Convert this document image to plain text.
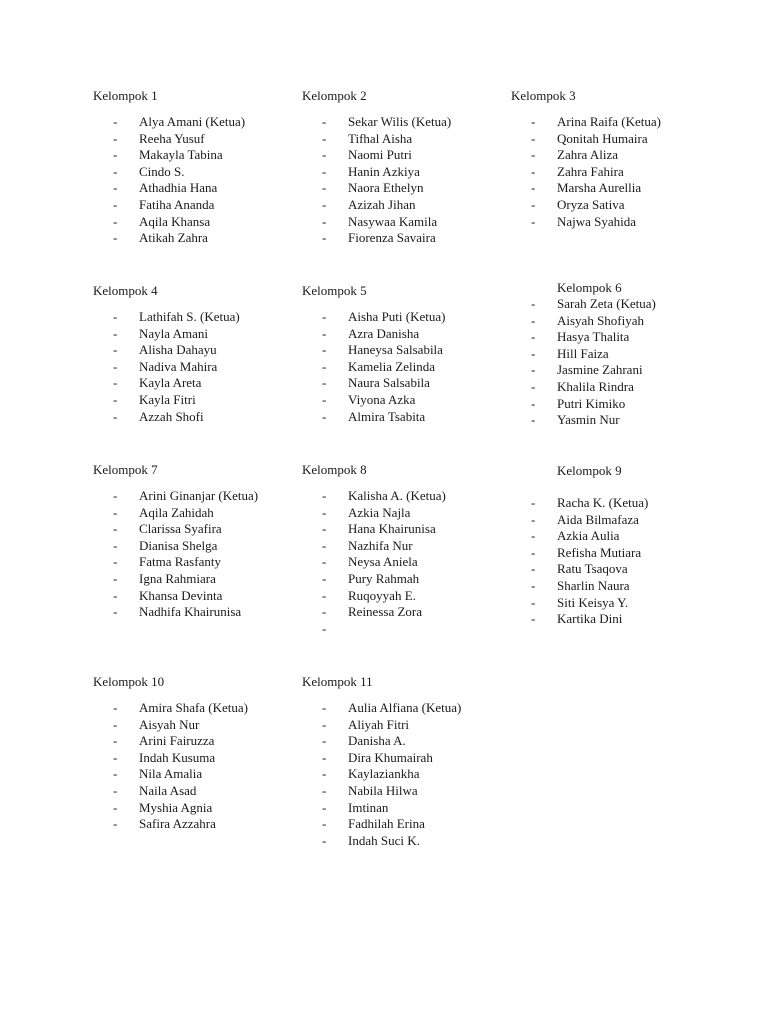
Kelompok 1
-	Alya Amani (Ketua)
-	Reeha Yusuf
-	Makayla Tabina
-	Cindo S.
-	Athadhia Hana
-	Fatiha Ananda
-	Aqila Khansa
-	Atikah Zahra
Kelompok 2
-	Sekar Wilis (Ketua)
-	Tifhal Aisha
-	Naomi Putri
-	Hanin Azkiya
-	Naora Ethelyn
-	Azizah Jihan
-	Nasywaa Kamila
-	Fiorenza Savaira
Kelompok 3
-	Arina Raifa (Ketua)
-	Qonitah Humaira
-	Zahra Aliza
-	Zahra Fahira
-	Marsha Aurellia
-	Oryza Sativa
-	Najwa Syahida
Kelompok 4
-	Lathifah S. (Ketua)
-	Nayla Amani
-	Alisha Dahayu
-	Nadiva Mahira
-	Kayla Areta
-	Kayla Fitri
-	Azzah Shofi
Kelompok 5
-	Aisha Puti (Ketua)
-	Azra Danisha
-	Haneysa Salsabila
-	Kamelia Zelinda
-	Naura Salsabila
-	Viyona Azka
-	Almira Tsabita
Kelompok 6
-	Sarah Zeta (Ketua)
-	Aisyah Shofiyah
-	Hasya Thalita
-	Hill Faiza
-	Jasmine Zahrani
-	Khalila Rindra
-	Putri Kimiko
-	Yasmin Nur
Kelompok 7
-	Arini Ginanjar (Ketua)
-	Aqila Zahidah
-	Clarissa Syafira
-	Dianisa Shelga
-	Fatma Rasfanty
-	Igna Rahmiara
-	Khansa Devinta
-	Nadhifa Khairunisa
Kelompok 8
-	Kalisha A. (Ketua)
-	Azkia Najla
-	Hana Khairunisa
-	Nazhifa Nur
-	Neysa Aniela
-	Pury Rahmah
-	Ruqoyyah E.
-	Reinessa Zora
-
Kelompok 9
-	Racha K. (Ketua)
-	Aida Bilmafaza
-	Azkia Aulia
-	Refisha Mutiara
-	Ratu Tsaqova
-	Sharlin Naura
-	Siti Keisya Y.
-	Kartika Dini
Kelompok 10
-	Amira Shafa (Ketua)
-	Aisyah Nur
-	Arini Fairuzza
-	Indah Kusuma
-	Nila Amalia
-	Naila Asad
-	Myshia Agnia
-	Safira Azzahra
Kelompok 11
-	Aulia Alfiana (Ketua)
-	Aliyah Fitri
-	Danisha A.
-	Dira Khumairah
-	Kaylaziankha
-	Nabila Hilwa
-	Imtinan
-	Fadhilah Erina
-	Indah Suci K.
